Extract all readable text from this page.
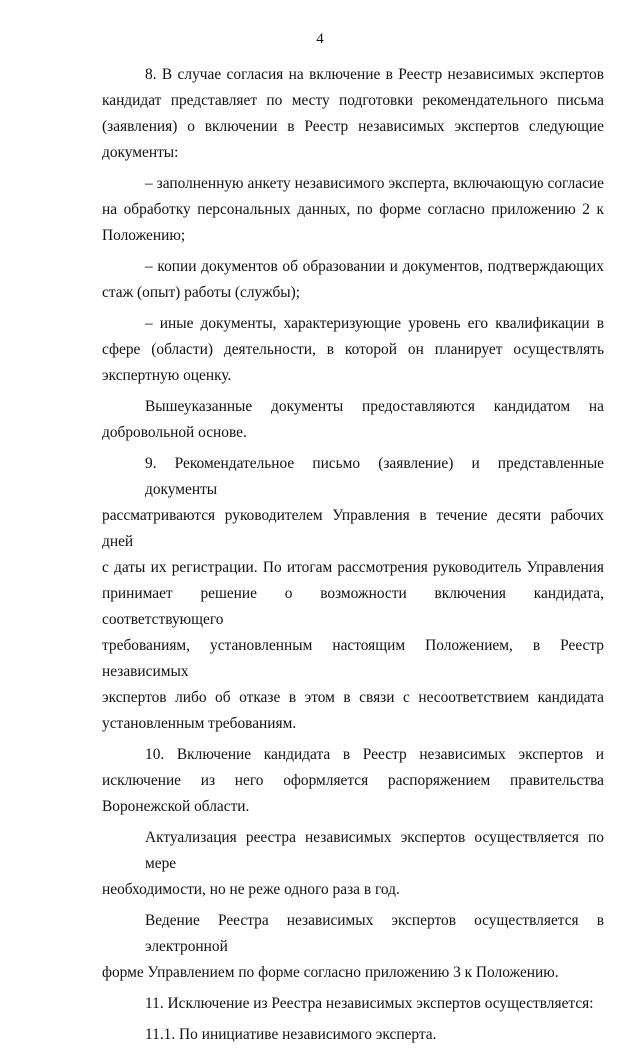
4
8. В случае согласия на включение в Реестр независимых экспертов
кандидат представляет по месту подготовки рекомендательного письма
(заявления) о включении в Реестр независимых экспертов следующие
документы:
– заполненную анкету независимого эксперта, включающую согласие
на обработку персональных данных, по форме согласно приложению 2 к
Положению;
– копии документов об образовании и документов, подтверждающих
стаж (опыт) работы (службы);
– иные документы, характеризующие уровень его квалификации в
сфере (области) деятельности, в которой он планирует осуществлять
экспертную оценку.
Вышеуказанные документы предоставляются кандидатом на
добровольной основе.
9. Рекомендательное письмо (заявление) и представленные документы
рассматриваются руководителем Управления в течение десяти рабочих дней
с даты их регистрации. По итогам рассмотрения руководитель Управления
принимает решение о возможности включения кандидата, соответствующего
требованиям, установленным настоящим Положением, в Реестр независимых
экспертов либо об отказе в этом в связи с несоответствием кандидата
установленным требованиям.
10. Включение кандидата в Реестр независимых экспертов и
исключение из него оформляется распоряжением правительства
Воронежской области.
Актуализация реестра независимых экспертов осуществляется по мере
необходимости, но не реже одного раза в год.
Ведение Реестра независимых экспертов осуществляется в электронной
форме Управлением по форме согласно приложению 3 к Положению.
11. Исключение из Реестра независимых экспертов осуществляется:
11.1. По инициативе независимого эксперта.
